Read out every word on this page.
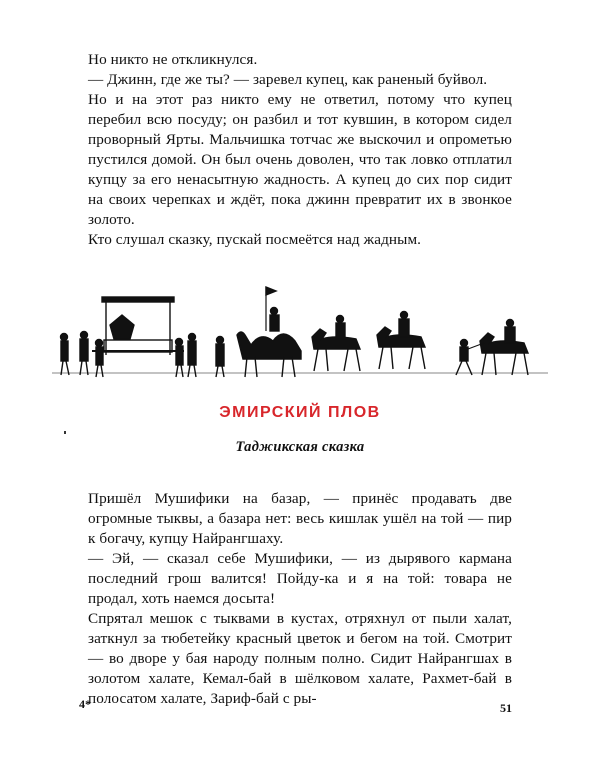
Но никто не откликнулся.

— Джинн, где же ты? — заревел купец, как раненый буйвол.

Но и на этот раз никто ему не ответил, потому что купец перебил всю посуду; он разбил и тот кувшин, в котором сидел проворный Ярты. Мальчишка тотчас же выскочил и опрометью пустился домой. Он был очень доволен, что так ловко отплатил купцу за его ненасытную жадность. А купец до сих пор сидит на своих черепках и ждёт, пока джинн превратит их в звонкое золото.

Кто слушал сказку, пускай посмеётся над жадным.

ЭМИРСКИЙ ПЛОВ
Таджикская сказка

Пришёл Мушифики на базар, — принёс продавать две огромные тыквы, а базара нет: весь кишлак ушёл на той — пир к богачу, купцу Найрангшаху.

— Эй, — сказал себе Мушифики, — из дырявого кармана последний грош валится! Пойду-ка и я на той: товара не продал, хоть наемся досыта!

Спрятал мешок с тыквами в кустах, отряхнул от пыли халат, заткнул за тюбетейку красный цветок и бегом на той. Смотрит — во дворе у бая народу полным полно. Сидит Найрангшах в золотом халате, Кемал-бай в шёлковом халате, Рахмет-бай в полосатом халате, Зариф-бай с ры-

4*	51
